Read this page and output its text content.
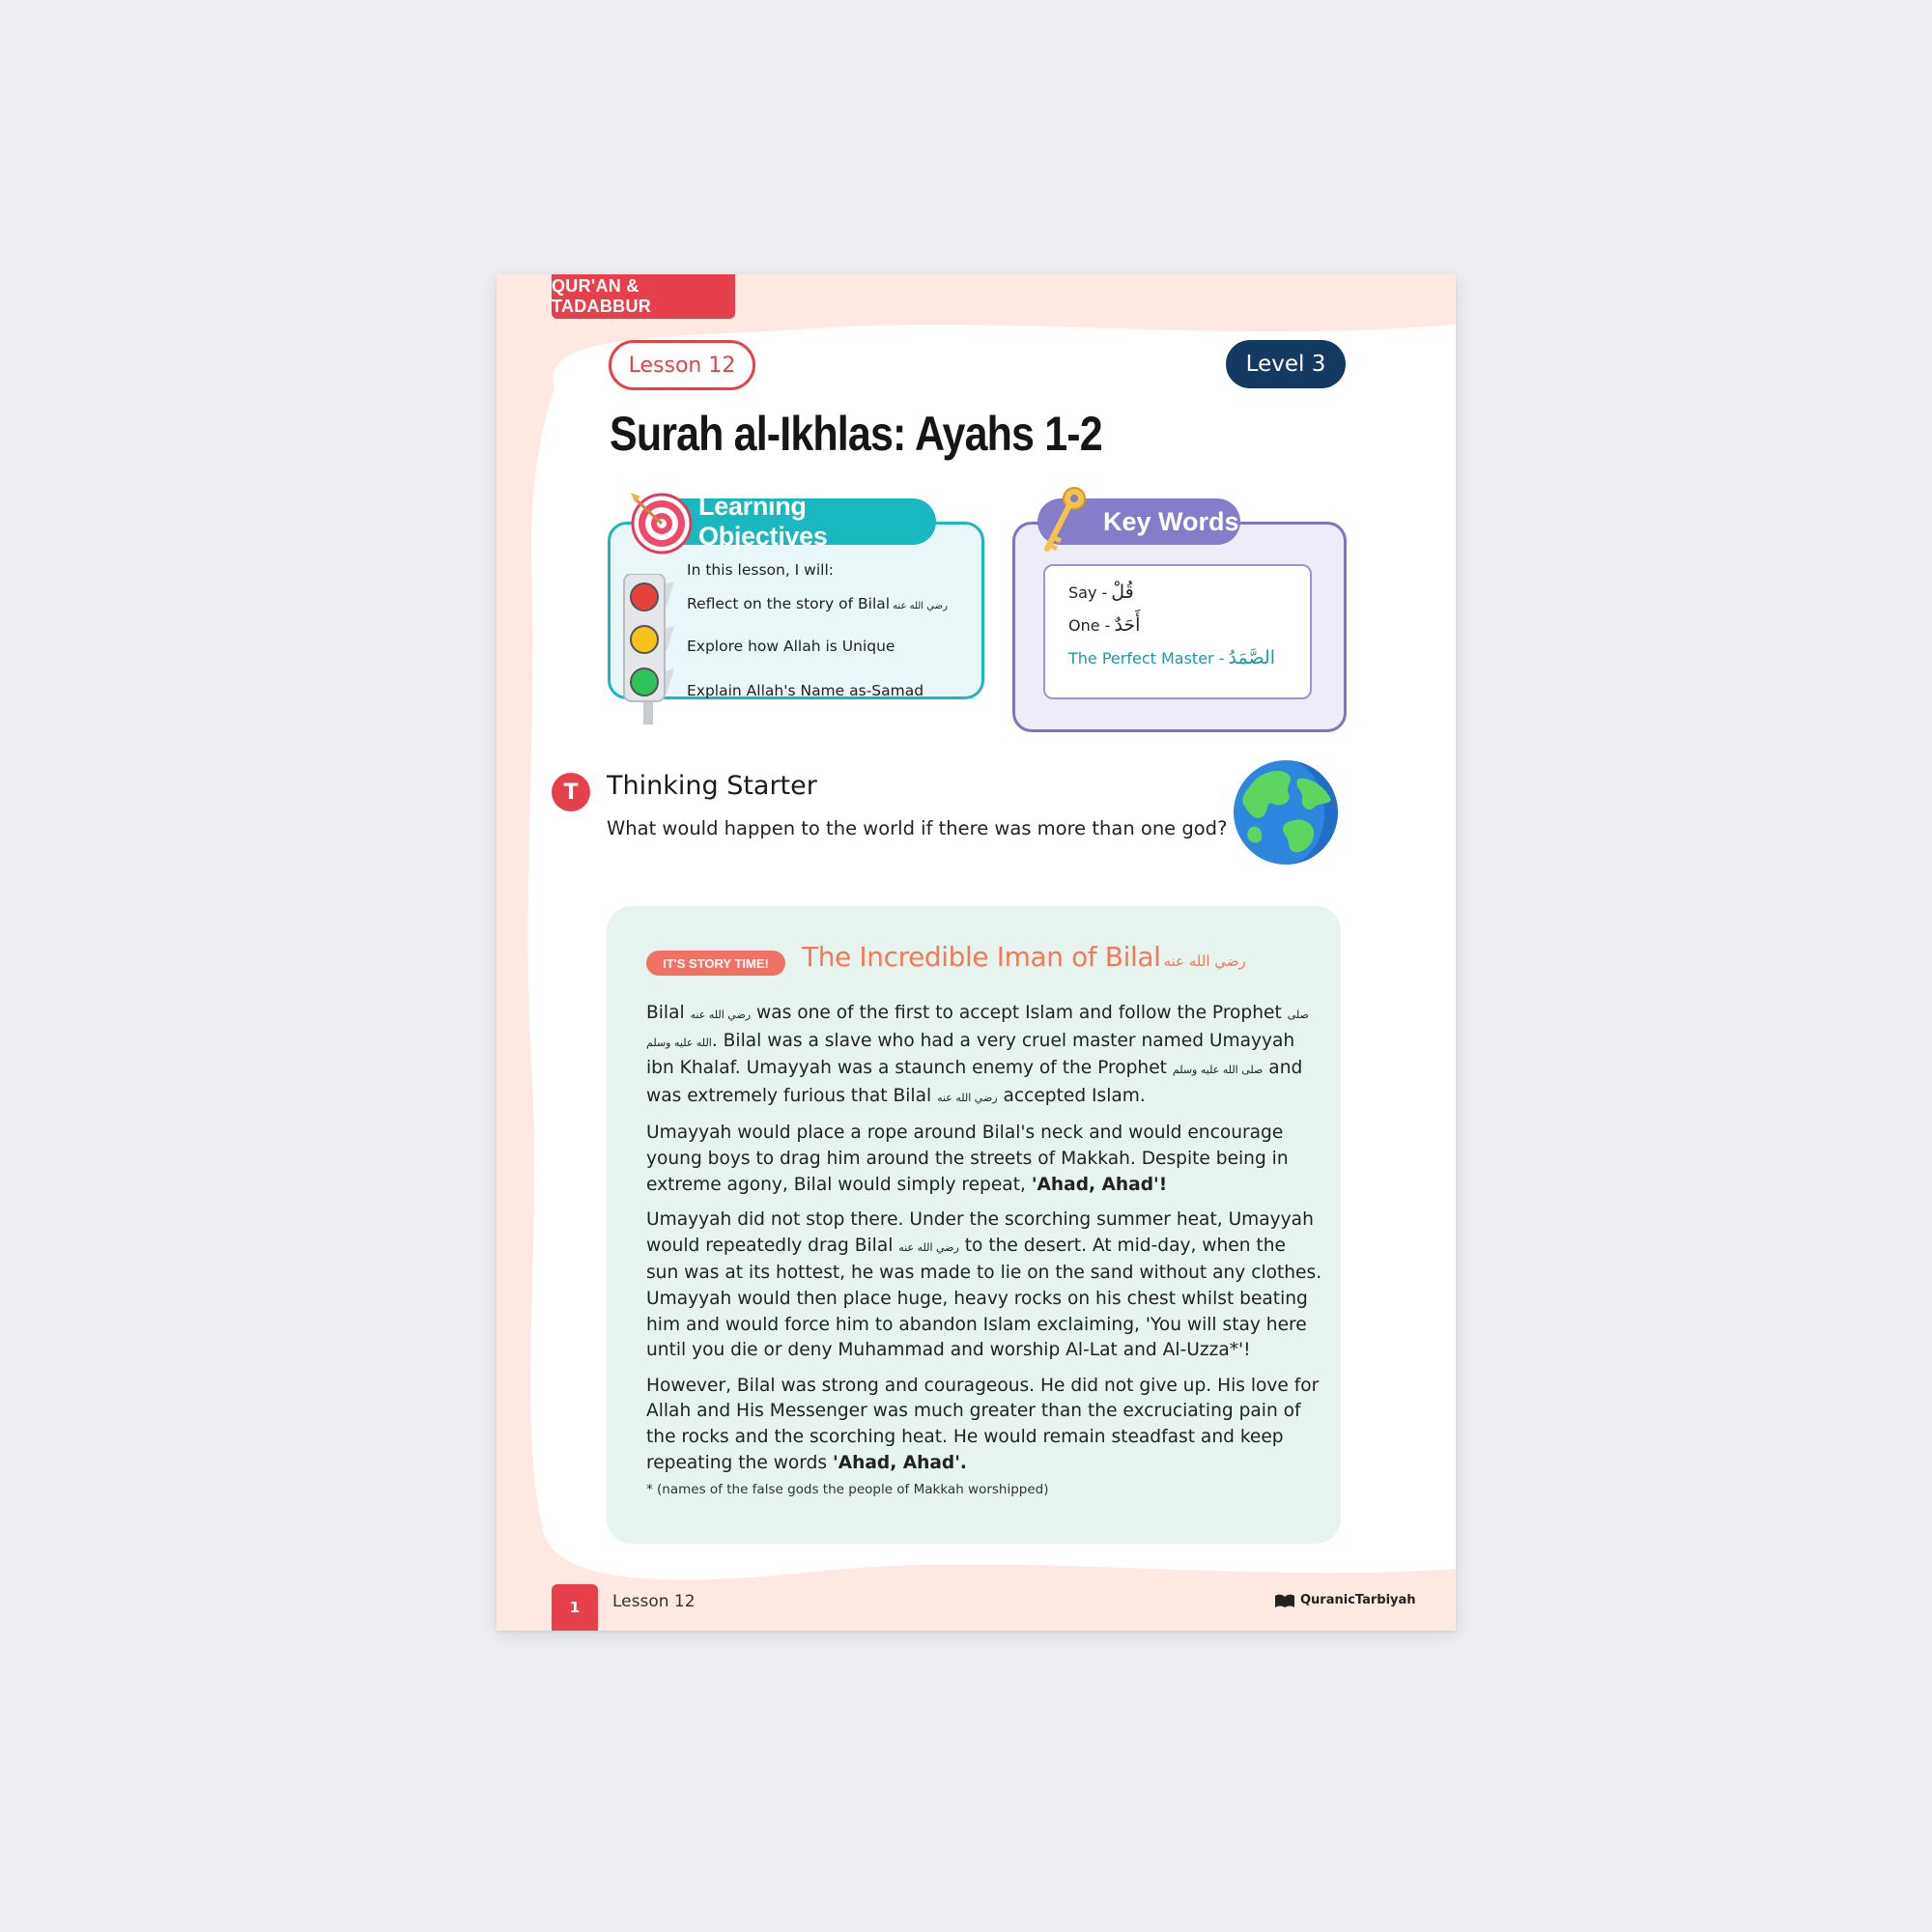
QUR'AN & TADABBUR
Lesson 12	Level 3
Surah al-Ikhlas: Ayahs 1-2
Learning Objectives
In this lesson, I will:
Reflect on the story of Bilal رضي الله عنه
Explore how Allah is Unique
Explain Allah's Name as-Samad
Key Words
Say - قُلْ
One - أَحَدٌ
The Perfect Master - الصَّمَدُ
T	Thinking Starter
What would happen to the world if there was more than one god?
IT'S STORY TIME!	The Incredible Iman of Bilal رضي الله عنه

Bilal رضي الله عنه was one of the first to accept Islam and follow the Prophet صلى الله عليه وسلم. Bilal was a slave who had a very cruel master named Umayyah ibn Khalaf. Umayyah was a staunch enemy of the Prophet صلى الله عليه وسلم and was extremely furious that Bilal رضي الله عنه accepted Islam.

Umayyah would place a rope around Bilal's neck and would encourage young boys to drag him around the streets of Makkah. Despite being in extreme agony, Bilal would simply repeat, 'Ahad, Ahad'!

Umayyah did not stop there. Under the scorching summer heat, Umayyah would repeatedly drag Bilal رضي الله عنه to the desert. At mid-day, when the sun was at its hottest, he was made to lie on the sand without any clothes. Umayyah would then place huge, heavy rocks on his chest whilst beating him and would force him to abandon Islam exclaiming, 'You will stay here until you die or deny Muhammad and worship Al-Lat and Al-Uzza*'!

However, Bilal was strong and courageous. He did not give up. His love for Allah and His Messenger was much greater than the excruciating pain of the rocks and the scorching heat. He would remain steadfast and keep repeating the words 'Ahad, Ahad'.

* (names of the false gods the people of Makkah worshipped)
1	Lesson 12	QuranicTarbiyah
